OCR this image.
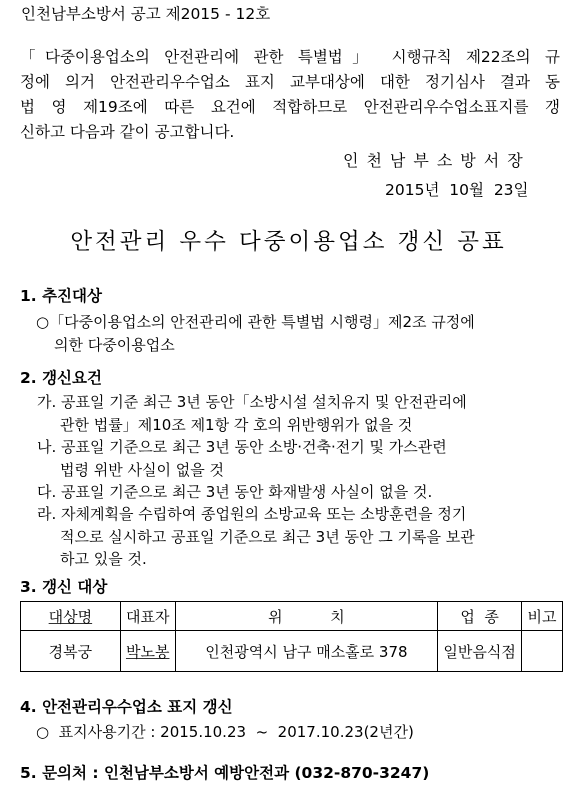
인천남부소방서 공고 제2015 - 12호
「다중이용업소의 안전관리에 관한 특별법」 시행규칙 제22조의 규
정에 의거 안전관리우수업소 표지 교부대상에 대한 정기심사 결과 동
법 영 제19조에 따른 요건에 적합하므로 안전관리우수업소표지를 갱
신하고 다음과 같이 공고합니다.
인천남부소방서장
2015년  10월  23일
안전관리 우수 다중이용업소 갱신 공표
1. 추진대상
○「다중이용업소의 안전관리에 관한 특별법 시행령」제2조 규정에
의한 다중이용업소
2. 갱신요건
가. 공표일 기준 최근 3년 동안「소방시설 설치유지 및 안전관리에
관한 법률」제10조 제1항 각 호의 위반행위가 없을 것
나. 공표일 기준으로 최근 3년 동안 소방·건축·전기 및 가스관련
법령 위반 사실이 없을 것
다. 공표일 기준으로 최근 3년 동안 화재발생 사실이 없을 것.
라. 자체계획을 수립하여 종업원의 소방교육 또는 소방훈련을 정기
적으로 실시하고 공표일 기준으로 최근 3년 동안 그 기록을 보관
하고 있을 것.
3. 갱신 대상
대상명	대표자	위          치	업  종	비고
경복궁	박노봉	인천광역시 남구 매소홀로 378	일반음식점	
4. 안전관리우수업소 표지 갱신
○  표지사용기간 : 2015.10.23  ~  2017.10.23(2년간)
5. 문의처 : 인천남부소방서 예방안전과 (032-870-3247)
